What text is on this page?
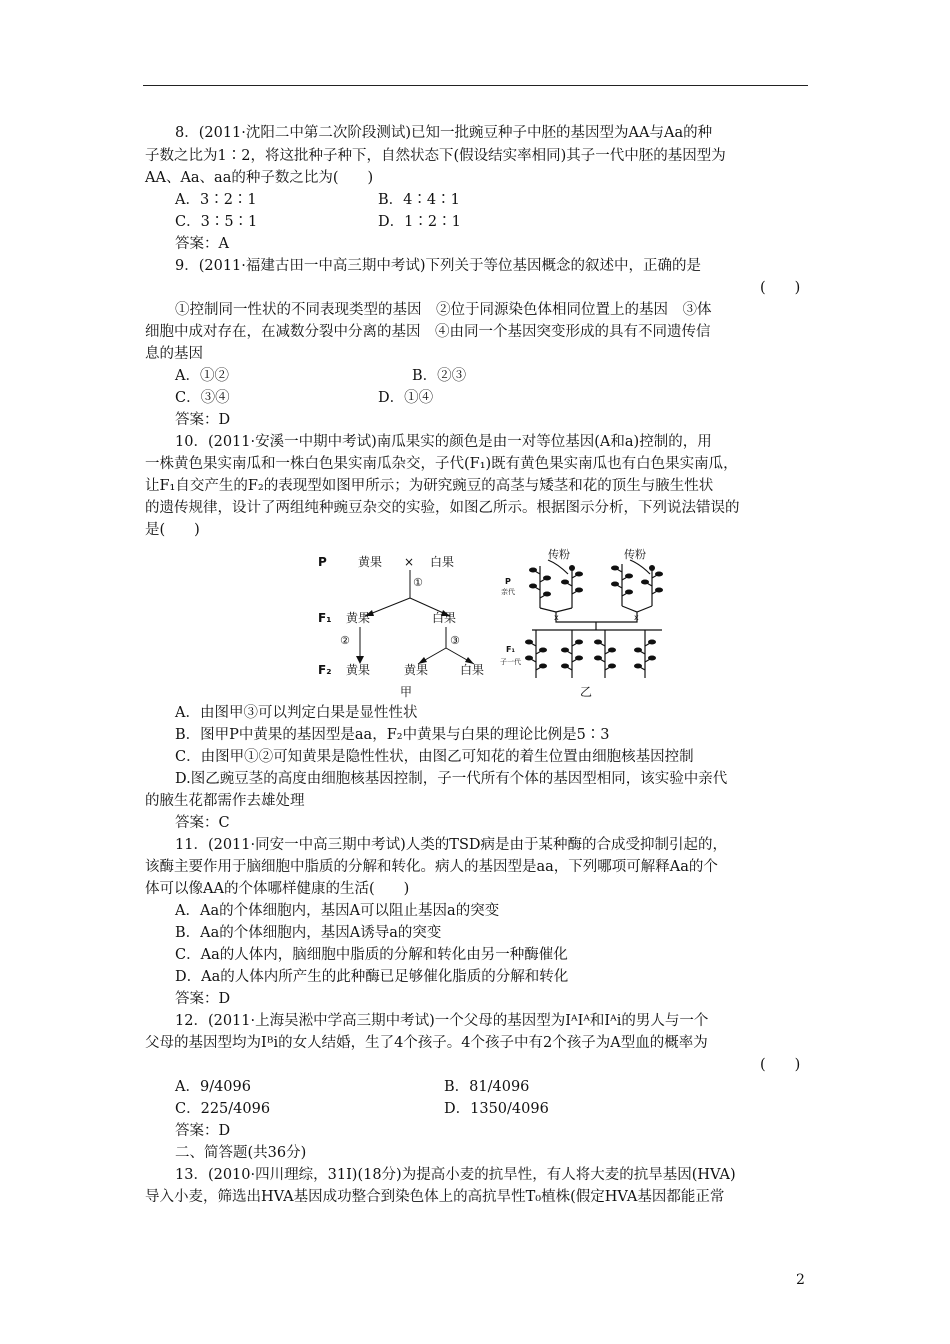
8．(2011·沈阳二中第二次阶段测试)已知一批豌豆种子中胚的基因型为AA与Aa的种
子数之比为1∶2，将这批种子种下，自然状态下(假设结实率相同)其子一代中胚的基因型为
AA、Aa、aa的种子数之比为(　　)
A．3∶2∶1	B．4∶4∶1
C．3∶5∶1	D．1∶2∶1
答案：A
9．(2011·福建古田一中高三期中考试)下列关于等位基因概念的叙述中，正确的是
(　　)
①控制同一性状的不同表现类型的基因　②位于同源染色体相同位置上的基因　③体
细胞中成对存在，在减数分裂中分离的基因　④由同一个基因突变形成的具有不同遗传信
息的基因
A．①②	B．②③
C．③④	D．①④
答案：D
10．(2011·安溪一中期中考试)南瓜果实的颜色是由一对等位基因(A和a)控制的，用
一株黄色果实南瓜和一株白色果实南瓜杂交，子代(F₁)既有黄色果实南瓜也有白色果实南瓜，
让F₁自交产生的F₂的表现型如图甲所示；为研究豌豆的高茎与矮茎和花的顶生与腋生性状
的遗传规律，设计了两组纯种豌豆杂交的实验，如图乙所示。根据图示分析，下列说法错误的
是(　　)
P	黄果 × 白果
①
F₁ 黄果	白果
②	③
F₂ 黄果	黄果	白果
甲
传粉	传粉
P
亲代
x	x
F₁
子一代
乙
A．由图甲③可以判定白果是显性性状
B．图甲P中黄果的基因型是aa，F₂中黄果与白果的理论比例是5∶3
C．由图甲①②可知黄果是隐性性状，由图乙可知花的着生位置由细胞核基因控制
D.图乙豌豆茎的高度由细胞核基因控制，子一代所有个体的基因型相同，该实验中亲代
的腋生花都需作去雄处理
答案：C
11．(2011·同安一中高三期中考试)人类的TSD病是由于某种酶的合成受抑制引起的，
该酶主要作用于脑细胞中脂质的分解和转化。病人的基因型是aa，下列哪项可解释Aa的个
体可以像AA的个体哪样健康的生活(　　)
A．Aa的个体细胞内，基因A可以阻止基因a的突变
B．Aa的个体细胞内，基因A诱导a的突变
C．Aa的人体内，脑细胞中脂质的分解和转化由另一种酶催化
D．Aa的人体内所产生的此种酶已足够催化脂质的分解和转化
答案：D
12．(2011·上海吴淞中学高三期中考试)一个父母的基因型为IᴬIᴬ和Iᴬi的男人与一个
父母的基因型均为Iᴮi的女人结婚，生了4个孩子。4个孩子中有2个孩子为A型血的概率为
(　　)
A．9/4096	B．81/4096
C．225/4096	D．1350/4096
答案：D
二、简答题(共36分)
13．(2010·四川理综，31Ⅰ)(18分)为提高小麦的抗旱性，有人将大麦的抗旱基因(HVA)
导入小麦，筛选出HVA基因成功整合到染色体上的高抗旱性T₀植株(假定HVA基因都能正常
2
